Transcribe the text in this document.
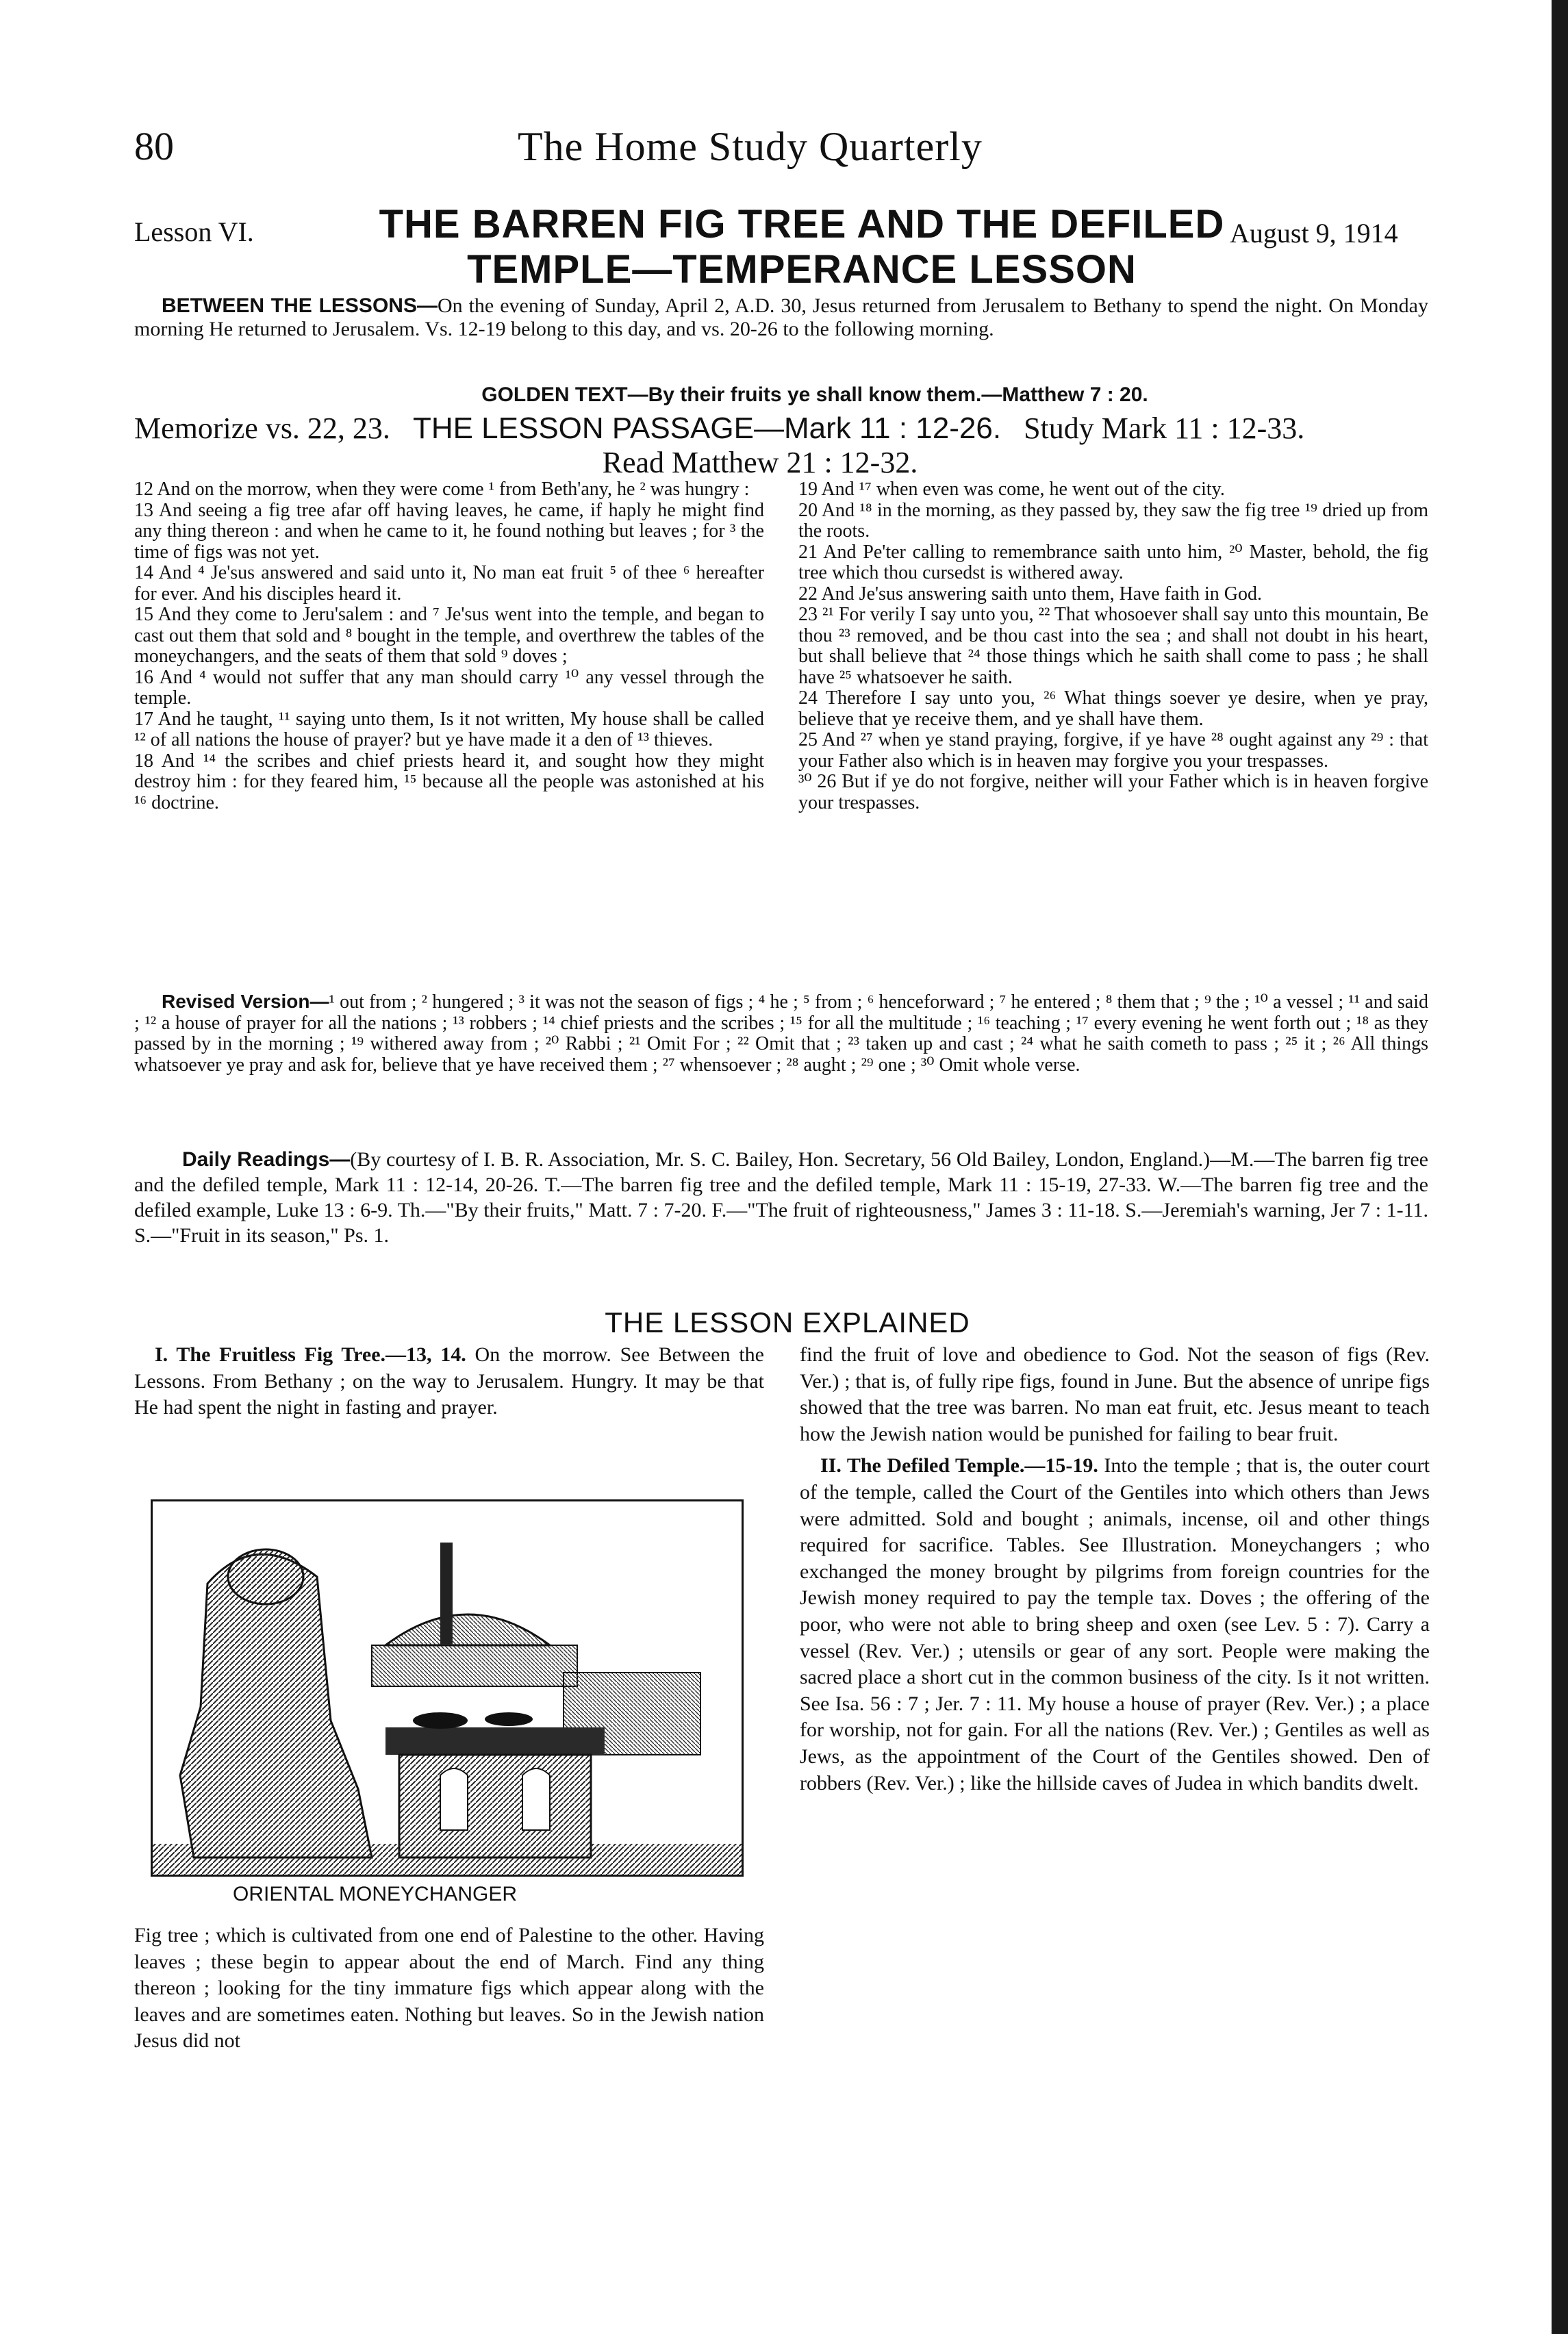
80	The Home Study Quarterly
Lesson VI.	THE BARREN FIG TREE AND THE DEFILED
TEMPLE—TEMPERANCE LESSON
August 9, 1914
BETWEEN THE LESSONS—On the evening of Sunday, April 2, A.D. 30, Jesus returned from Jerusalem to Bethany to spend the night. On Monday morning He returned to Jerusalem. Vs. 12-19 belong to this day, and vs. 20-26 to the following morning.
GOLDEN TEXT—By their fruits ye shall know them.—Matthew 7 : 20.
Memorize vs. 22, 23. THE LESSON PASSAGE—Mark 11 : 12-26. Study Mark 11 : 12-33.
Read Matthew 21 : 12-32.

12 And on the morrow, when they were come ¹ from Beth'any, he ² was hungry :

13 And seeing a fig tree afar off having leaves, he came, if haply he might find any thing thereon : and when he came to it, he found nothing but leaves ; for ³ the time of figs was not yet.

14 And ⁴ Je'sus answered and said unto it, No man eat fruit ⁵ of thee ⁶ hereafter for ever. And his disciples heard it.

15 And they come to Jeru'salem : and ⁷ Je'sus went into the temple, and began to cast out them that sold and ⁸ bought in the temple, and overthrew the tables of the moneychangers, and the seats of them that sold ⁹ doves ;

16 And ⁴ would not suffer that any man should carry ¹⁰ any vessel through the temple.

17 And he taught, ¹¹ saying unto them, Is it not written, My house shall be called ¹² of all nations the house of prayer? but ye have made it a den of ¹³ thieves.

18 And ¹⁴ the scribes and chief priests heard it, and sought how they might destroy him : for they feared him, ¹⁵ because all the people was astonished at his ¹⁶ doctrine.

19 And ¹⁷ when even was come, he went out of the city.

20 And ¹⁸ in the morning, as they passed by, they saw the fig tree ¹⁹ dried up from the roots.

21 And Pe'ter calling to remembrance saith unto him, ²⁰ Master, behold, the fig tree which thou cursedst is withered away.

22 And Je'sus answering saith unto them, Have faith in God.

23 ²¹ For verily I say unto you, ²² That whosoever shall say unto this mountain, Be thou ²³ removed, and be thou cast into the sea ; and shall not doubt in his heart, but shall believe that ²⁴ those things which he saith shall come to pass ; he shall have ²⁵ whatsoever he saith.

24 Therefore I say unto you, ²⁶ What things soever ye desire, when ye pray, believe that ye receive them, and ye shall have them.

25 And ²⁷ when ye stand praying, forgive, if ye have ²⁸ ought against any ²⁹ : that your Father also which is in heaven may forgive you your trespasses.

³⁰ 26 But if ye do not forgive, neither will your Father which is in heaven forgive your trespasses.

Revised Version—¹ out from ; ² hungered ; ³ it was not the season of figs ; ⁴ he ; ⁵ from ; ⁶ henceforward ; ⁷ he entered ; ⁸ them that ; ⁹ the ; ¹⁰ a vessel ; ¹¹ and said ; ¹² a house of prayer for all the nations ; ¹³ robbers ; ¹⁴ chief priests and the scribes ; ¹⁵ for all the multitude ; ¹⁶ teaching ; ¹⁷ every evening he went forth out ; ¹⁸ as they passed by in the morning ; ¹⁹ withered away from ; ²⁰ Rabbi ; ²¹ Omit For ; ²² Omit that ; ²³ taken up and cast ; ²⁴ what he saith cometh to pass ; ²⁵ it ; ²⁶ All things whatsoever ye pray and ask for, believe that ye have received them ; ²⁷ whensoever ; ²⁸ aught ; ²⁹ one ; ³⁰ Omit whole verse.
Daily Readings—(By courtesy of I. B. R. Association, Mr. S. C. Bailey, Hon. Secretary, 56 Old Bailey, London, England.)—M.—The barren fig tree and the defiled temple, Mark 11 : 12-14, 20-26. T.—The barren fig tree and the defiled temple, Mark 11 : 15-19, 27-33. W.—The barren fig tree and the defiled example, Luke 13 : 6-9. Th.—"By their fruits," Matt. 7 : 7-20. F.—"The fruit of righteousness," James 3 : 11-18. S.—Jeremiah's warning, Jer 7 : 1-11. S.—"Fruit in its season," Ps. 1.
THE LESSON EXPLAINED

I. The Fruitless Fig Tree.—13, 14. On the morrow. See Between the Lessons. From Bethany ; on the way to Jerusalem. Hungry. It may be that He had spent the night in fasting and prayer.

ORIENTAL MONEYCHANGER

Fig tree ; which is cultivated from one end of Palestine to the other. Having leaves ; these begin to appear about the end of March. Find any thing thereon ; looking for the tiny immature figs which appear along with the leaves and are sometimes eaten. Nothing but leaves. So in the Jewish nation Jesus did not

find the fruit of love and obedience to God. Not the season of figs (Rev. Ver.) ; that is, of fully ripe figs, found in June. But the absence of unripe figs showed that the tree was barren. No man eat fruit, etc. Jesus meant to teach how the Jewish nation would be punished for failing to bear fruit.

II. The Defiled Temple.—15-19. Into the temple ; that is, the outer court of the temple, called the Court of the Gentiles into which others than Jews were admitted. Sold and bought ; animals, incense, oil and other things required for sacrifice. Tables. See Illustration. Moneychangers ; who exchanged the money brought by pilgrims from foreign countries for the Jewish money required to pay the temple tax. Doves ; the offering of the poor, who were not able to bring sheep and oxen (see Lev. 5 : 7). Carry a vessel (Rev. Ver.) ; utensils or gear of any sort. People were making the sacred place a short cut in the common business of the city. Is it not written. See Isa. 56 : 7 ; Jer. 7 : 11. My house a house of prayer (Rev. Ver.) ; a place for worship, not for gain. For all the nations (Rev. Ver.) ; Gentiles as well as Jews, as the appointment of the Court of the Gentiles showed. Den of robbers (Rev. Ver.) ; like the hillside caves of Judea in which bandits dwelt.
